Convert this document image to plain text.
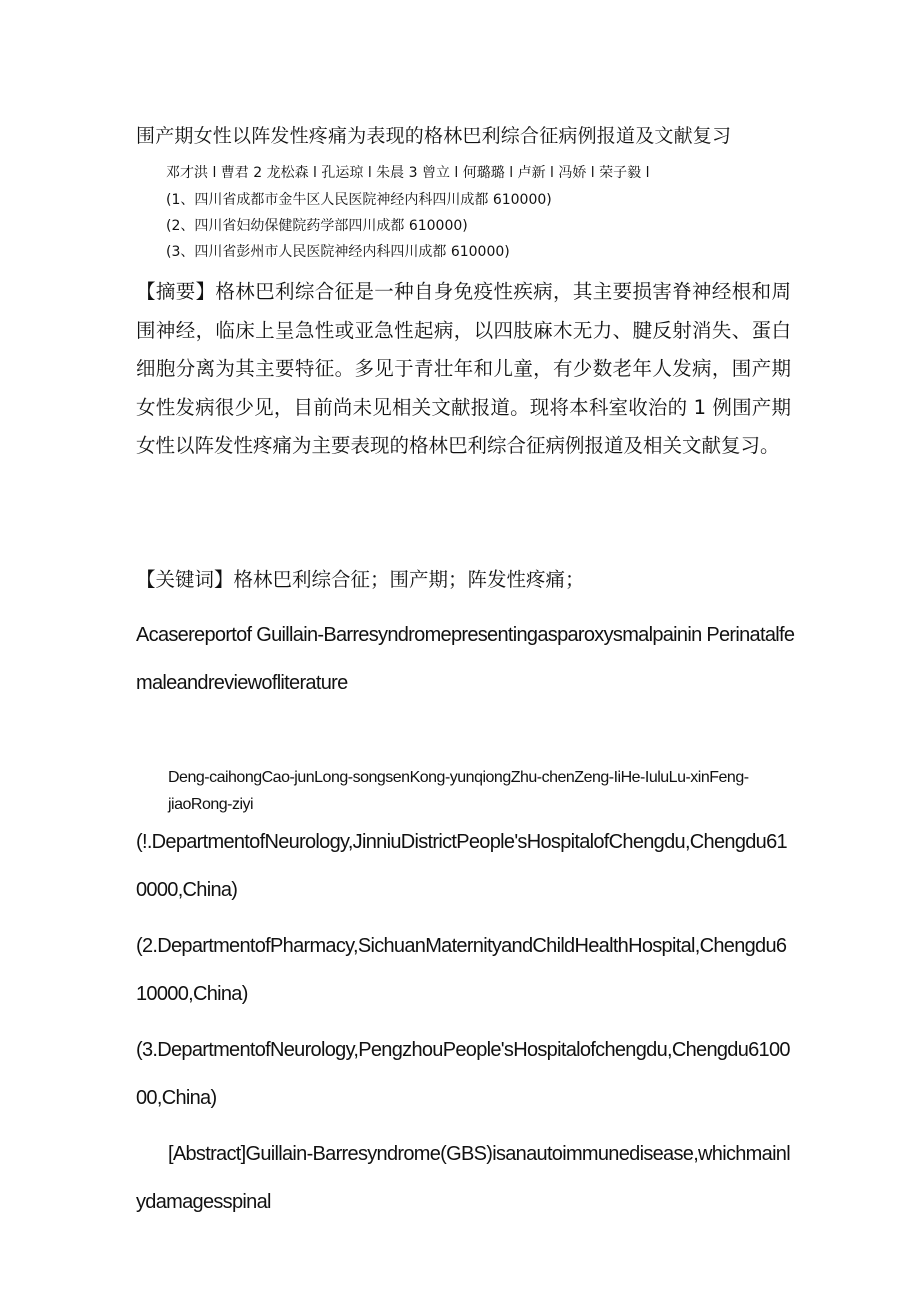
围产期女性以阵发性疼痛为表现的格林巴利综合征病例报道及文献复习

邓才洪 l 曹君 2 龙松森 l 孔运琼 l 朱晨 3 曾立 l 何璐璐 l 卢新 l 冯娇 l 荣子毅 l

(1、四川省成都市金牛区人民医院神经内科四川成都 610000)

(2、四川省妇幼保健院药学部四川成都 610000)

(3、四川省彭州市人民医院神经内科四川成都 610000)

【摘要】格林巴利综合征是一种自身免疫性疾病，其主要损害脊神经根和周围神经，临床上呈急性或亚急性起病，以四肢麻木无力、腱反射消失、蛋白细胞分离为其主要特征。多见于青壮年和儿童，有少数老年人发病，围产期女性发病很少见，目前尚未见相关文献报道。现将本科室收治的 1 例围产期女性以阵发性疼痛为主要表现的格林巴利综合征病例报道及相关文献复习。

【关键词】格林巴利综合征；围产期；阵发性疼痛；

Acasereportof Guillain-Barresyndromepresentingasparoxysmalpainin Perinatalfemaleandreviewofliterature

Deng-caihongCao-junLong-songsenKong-yunqiongZhu-chenZeng-IiHe-IuluLu-xinFeng-jiaoRong-ziyi

(!.DepartmentofNeurology,JinniuDistrictPeople'sHospitalofChengdu,Chengdu610000,China)

(2.DepartmentofPharmacy,SichuanMaternityandChildHealthHospital,Chengdu610000,China)

(3.DepartmentofNeurology,PengzhouPeople'sHospitalofchengdu,Chengdu610000,China)

[Abstract]Guillain-Barresyndrome(GBS)isanautoimmunedisease,whichmainlydamagesspinal
